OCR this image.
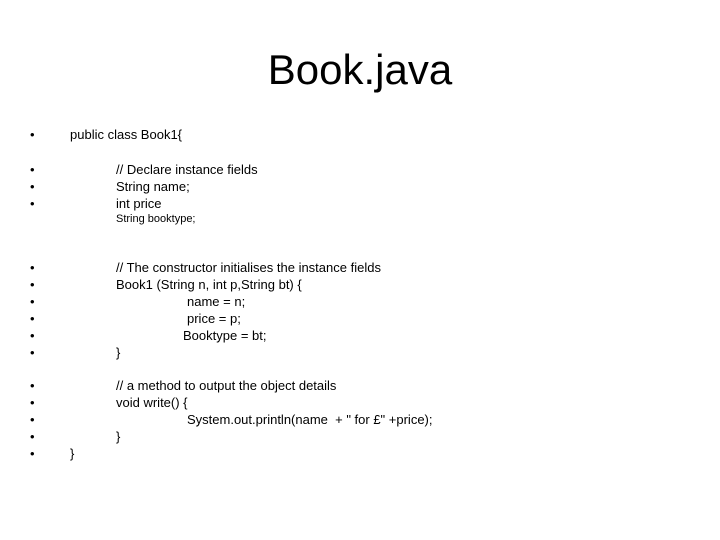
Book.java
•
•
•
•
•
•
•
•
•
•
•
•
•
•
•
public class Book1{
// Declare instance fields
String name;
int price
String booktype;
// The constructor initialises the instance fields
Book1 (String n, int p,String bt) {
name = n;
price = p;
Booktype = bt;
}
// a method to output the object details
void write() {
System.out.println(name  + " for £" +price);
}
}
